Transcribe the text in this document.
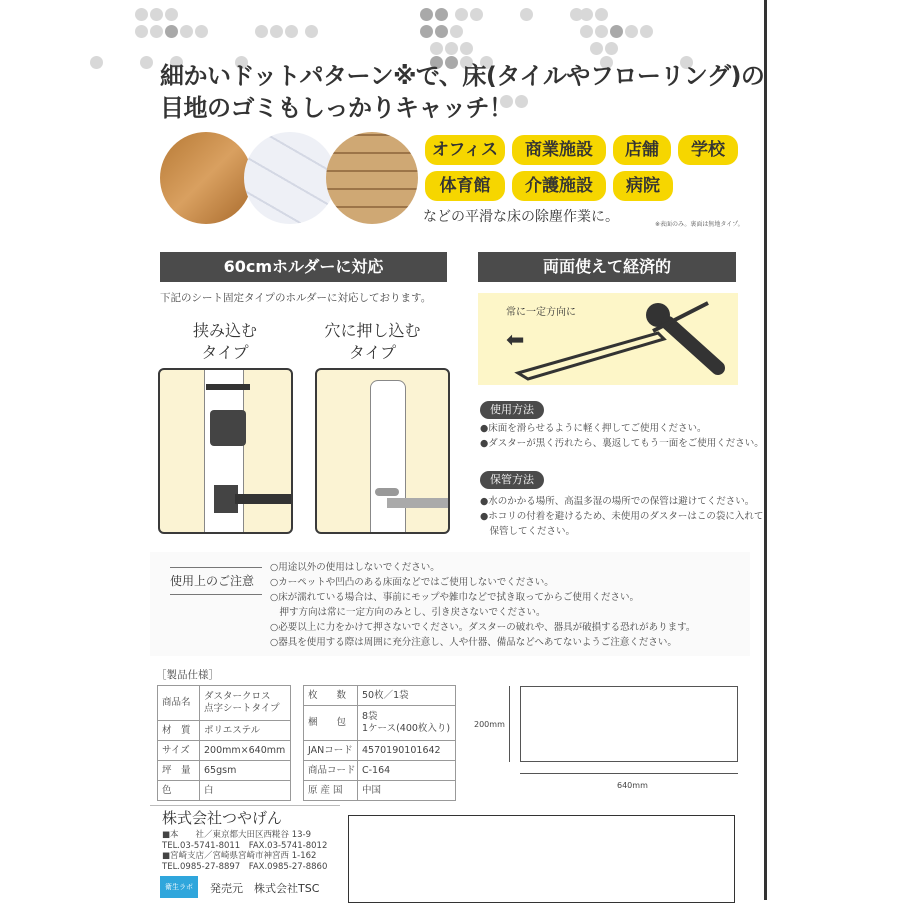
細かいドットパターン※で、床(タイルやフローリング)の
目地のゴミもしっかりキャッチ！
オフィス	商業施設	店舗	学校
体育館	介護施設	病院
などの平滑な床の除塵作業に。	※表面のみ。裏面は無地タイプ。
60cmホルダーに対応	両面使えて経済的
下記のシート固定タイプのホルダーに対応しております。
挟み込む
タイプ
穴に押し込む
タイプ
常に一定方向に
⬅
使用方法
●床面を滑らせるように軽く押してご使用ください。
●ダスターが黒く汚れたら、裏返してもう一面をご使用ください。
保管方法
●水のかかる場所、高温多湿の場所での保管は避けてください。
●ホコリの付着を避けるため、未使用のダスターはこの袋に入れて
　保管してください。
使用上のご注意
○用途以外の使用はしないでください。
○カーペットや凹凸のある床面などではご使用しないでください。
○床が濡れている場合は、事前にモップや雑巾などで拭き取ってからご使用ください。
　押す方向は常に一定方向のみとし、引き戻さないでください。
○必要以上に力をかけて押さないでください。ダスターの破れや、器具が破損する恐れがあります。
○器具を使用する際は周囲に充分注意し、人や什器、備品などへあてないようご注意ください。
［製品仕様］
商品名	ダスタークロス
点字シートタイプ
材　質	ポリエステル
サイズ	200mm×640mm
坪　量	65gsm
色	白
枚　　数	50枚／1袋
梱　　包	8袋
1ケース(400枚入り)
JANコード	4570190101642
商品コード	C-164
原 産 国	中国
200mm
640mm
株式会社つやげん
■本　　社／東京都大田区西糀谷 13-9
TEL.03-5741-8011　FAX.03-5741-8012
■宮崎支店／宮崎県宮崎市神宮西 1-162
TEL.0985-27-8897　FAX.0985-27-8860
衛生ラボ	発売元　株式会社TSC
